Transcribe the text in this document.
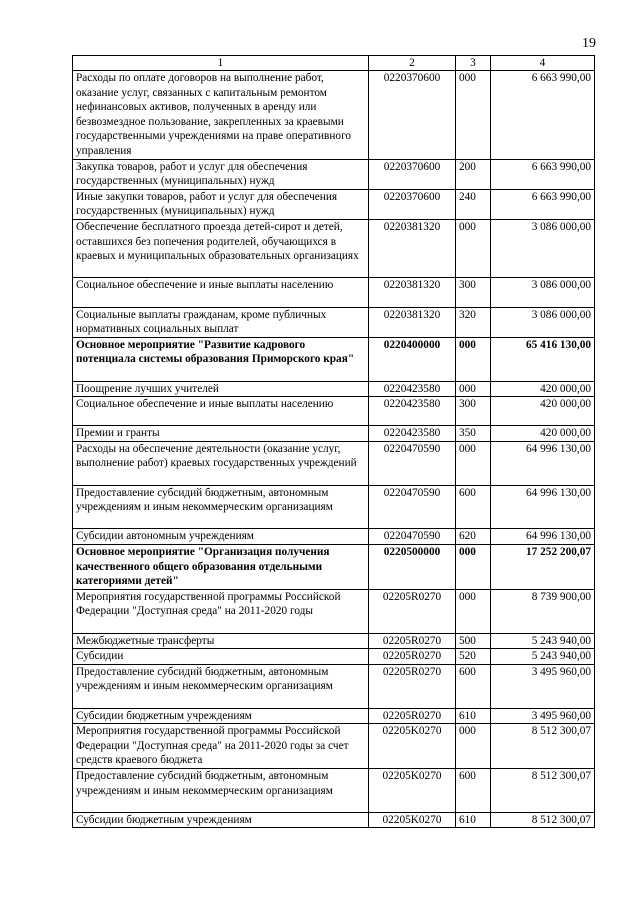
19
1	2	3	4
Расходы по оплате договоров на выполнение работ, оказание услуг, связанных с капитальным ремонтом нефинансовых активов, полученных в аренду или безвозмездное пользование, закрепленных за краевыми государственными учреждениями на праве оперативного управления	0220370600	000	6 663 990,00
Закупка товаров, работ и услуг для обеспечения государственных (муниципальных) нужд	0220370600	200	6 663 990,00
Иные закупки товаров, работ и услуг для обеспечения государственных (муниципальных) нужд	0220370600	240	6 663 990,00
Обеспечение бесплатного проезда детей-сирот и детей, оставшихся без попечения родителей, обучающихся в краевых и муниципальных образовательных организациях	0220381320	000	3 086 000,00
Социальное обеспечение и иные выплаты населению	0220381320	300	3 086 000,00
Социальные выплаты гражданам, кроме публичных нормативных социальных выплат	0220381320	320	3 086 000,00
Основное мероприятие "Развитие кадрового потенциала системы образования Приморского края"	0220400000	000	65 416 130,00
Поощрение лучших учителей	0220423580	000	420 000,00
Социальное обеспечение и иные выплаты населению	0220423580	300	420 000,00
Премии и гранты	0220423580	350	420 000,00
Расходы на обеспечение деятельности (оказание услуг, выполнение работ) краевых государственных учреждений	0220470590	000	64 996 130,00
Предоставление субсидий бюджетным, автономным учреждениям и иным некоммерческим организациям	0220470590	600	64 996 130,00
Субсидии автономным учреждениям	0220470590	620	64 996 130,00
Основное мероприятие "Организация получения качественного общего образования отдельными категориями детей"	0220500000	000	17 252 200,07
Мероприятия государственной программы Российской Федерации "Доступная среда" на 2011-2020 годы	02205R0270	000	8 739 900,00
Межбюджетные трансферты	02205R0270	500	5 243 940,00
Субсидии	02205R0270	520	5 243 940,00
Предоставление субсидий бюджетным, автономным учреждениям и иным некоммерческим организациям	02205R0270	600	3 495 960,00
Субсидии бюджетным учреждениям	02205R0270	610	3 495 960,00
Мероприятия государственной программы Российской Федерации "Доступная среда" на 2011-2020 годы за счет средств краевого бюджета	02205K0270	000	8 512 300,07
Предоставление субсидий бюджетным, автономным учреждениям и иным некоммерческим организациям	02205K0270	600	8 512 300,07
Субсидии бюджетным учреждениям	02205K0270	610	8 512 300,07
